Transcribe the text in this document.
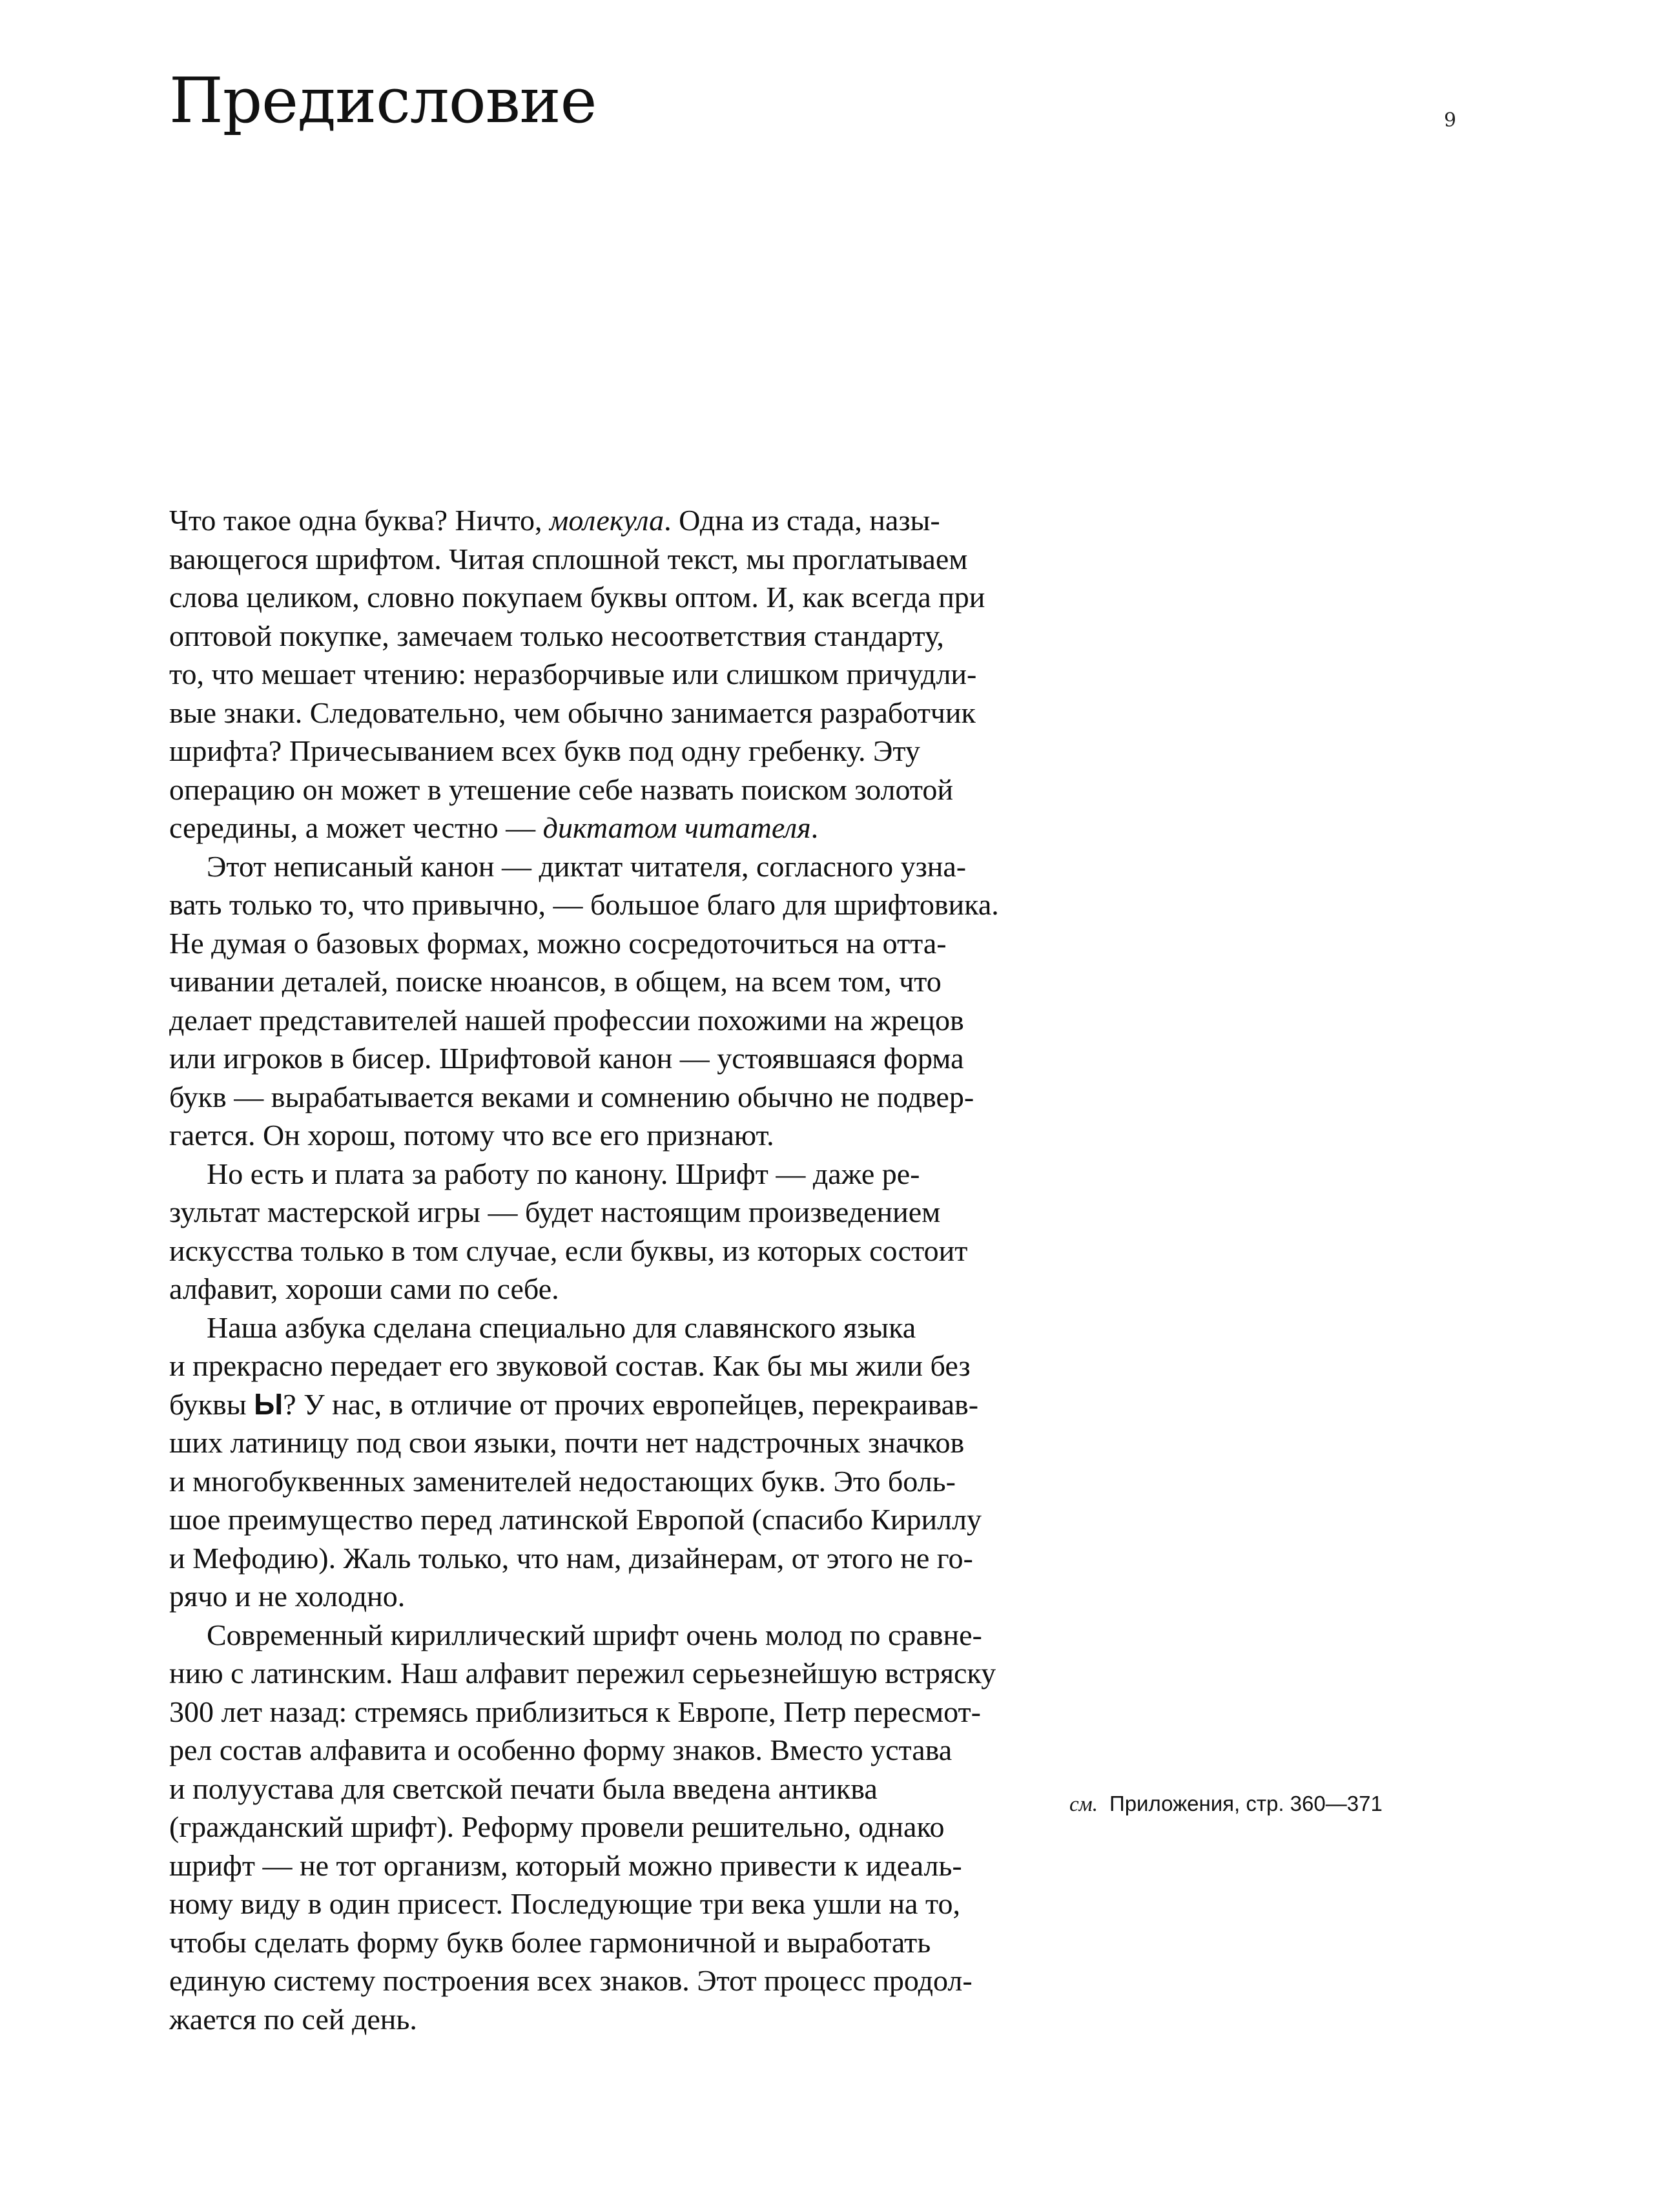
Предисловие	9
Что такое одна буква? Ничто, молекула. Одна из стада, назы-
вающегося шрифтом. Читая сплошной текст, мы проглатываем
слова целиком, словно покупаем буквы оптом. И, как всегда при
оптовой покупке, замечаем только несоответствия стандарту,
то, что мешает чтению: неразборчивые или слишком причудли-
вые знаки. Следовательно, чем обычно занимается разработчик
шрифта? Причесыванием всех букв под одну гребенку. Эту
операцию он может в утешение себе назвать поиском золотой
середины, а может честно — диктатом читателя.
Этот неписаный канон — диктат читателя, согласного узна-
вать только то, что привычно, — большое благо для шрифтовика.
Не думая о базовых формах, можно сосредоточиться на отта-
чивании деталей, поиске нюансов, в общем, на всем том, что
делает представителей нашей профессии похожими на жрецов
или игроков в бисер. Шрифтовой канон — устоявшаяся форма
букв — вырабатывается веками и сомнению обычно не подвер-
гается. Он хорош, потому что все его признают.
Но есть и плата за работу по канону. Шрифт — даже ре-
зультат мастерской игры — будет настоящим произведением
искусства только в том случае, если буквы, из которых состоит
алфавит, хороши сами по себе.
Наша азбука сделана специально для славянского языка
и прекрасно передает его звуковой состав. Как бы мы жили без
буквы Ы? У нас, в отличие от прочих европейцев, перекраивав-
ших латиницу под свои языки, почти нет надстрочных значков
и многобуквенных заменителей недостающих букв. Это боль-
шое преимущество перед латинской Европой (спасибо Кириллу
и Мефодию). Жаль только, что нам, дизайнерам, от этого не го-
рячо и не холодно.
Современный кириллический шрифт очень молод по сравне-
нию с латинским. Наш алфавит пережил серьезнейшую встряску
300 лет назад: стремясь приблизиться к Европе, Петр пересмот-
рел состав алфавита и особенно форму знаков. Вместо устава
и полуустава для светской печати была введена антиква
(гражданский шрифт). Реформу провели решительно, однако
шрифт — не тот организм, который можно привести к идеаль-
ному виду в один присест. Последующие три века ушли на то,
чтобы сделать форму букв более гармоничной и выработать
единую систему построения всех знаков. Этот процесс продол-
жается по сей день.
см. Приложения, стр. 360—371
